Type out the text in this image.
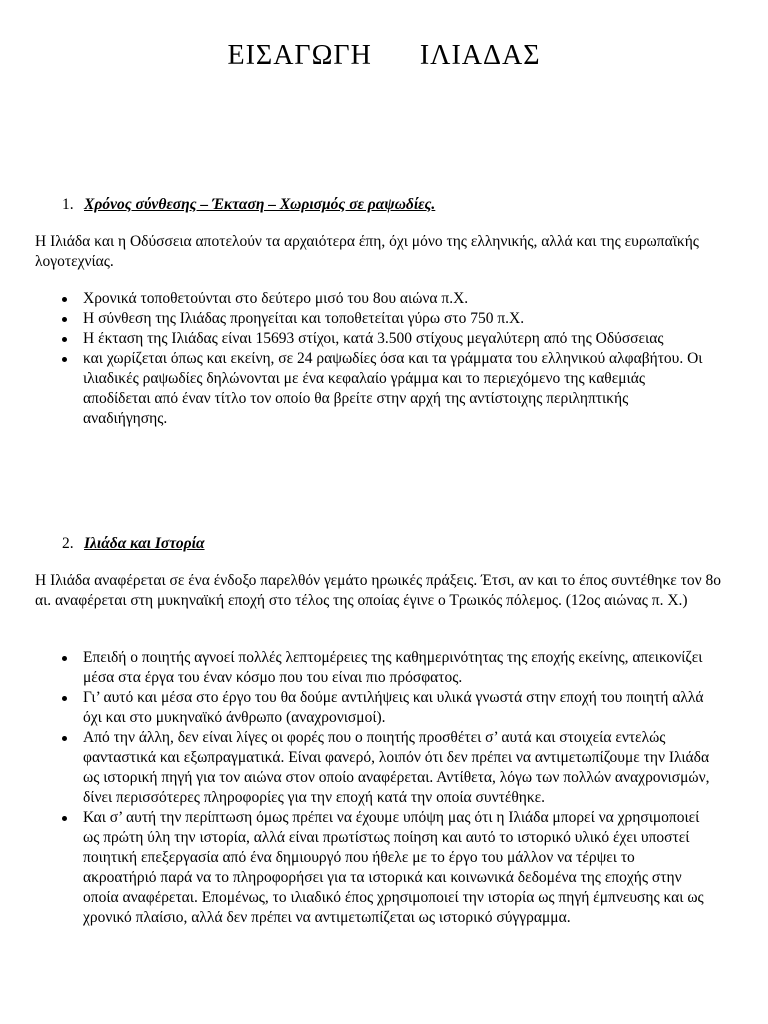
ΕΙΣΑΓΩΓΗ      ΙΛΙΑΔΑΣ
1. Χρόνος σύνθεσης – Έκταση – Χωρισμός σε ραψωδίες.

Η Ιλιάδα και η Οδύσσεια αποτελούν τα αρχαιότερα έπη, όχι μόνο της ελληνικής, αλλά και της ευρωπαϊκής λογοτεχνίας.

Χρονικά τοποθετούνται στο δεύτερο μισό του 8ου αιώνα π.Χ.
Η σύνθεση της Ιλιάδας προηγείται και τοποθετείται γύρω στο 750 π.Χ.
Η έκταση της Ιλιάδας είναι 15693 στίχοι, κατά 3.500 στίχους μεγαλύτερη από της Οδύσσειας
και χωρίζεται όπως και εκείνη, σε 24 ραψωδίες όσα και τα γράμματα του ελληνικού αλφαβήτου. Οι ιλιαδικές ραψωδίες δηλώνονται με ένα κεφαλαίο γράμμα και το περιεχόμενο της καθεμιάς αποδίδεται από έναν τίτλο τον οποίο θα βρείτε στην αρχή της αντίστοιχης περιληπτικής αναδιήγησης.
2. Ιλιάδα και Ιστορία

Η Ιλιάδα αναφέρεται σε ένα ένδοξο παρελθόν γεμάτο ηρωικές πράξεις. Έτσι, αν και το έπος συντέθηκε τον 8ο αι. αναφέρεται στη μυκηναϊκή εποχή στο τέλος της οποίας έγινε ο Τρωικός πόλεμος. (12ος αιώνας π. Χ.)

Επειδή ο ποιητής αγνοεί πολλές λεπτομέρειες της καθημερινότητας της εποχής εκείνης, απεικονίζει μέσα στα έργα του έναν κόσμο που του είναι πιο πρόσφατος.
Γι’ αυτό και μέσα στο έργο του θα δούμε αντιλήψεις και υλικά γνωστά στην εποχή του ποιητή αλλά όχι και στο μυκηναϊκό άνθρωπο (αναχρονισμοί).
Από την άλλη, δεν είναι λίγες οι φορές που ο ποιητής προσθέτει σ’ αυτά και στοιχεία εντελώς φανταστικά και εξωπραγματικά. Είναι φανερό, λοιπόν ότι δεν πρέπει να αντιμετωπίζουμε την Ιλιάδα ως ιστορική πηγή για τον αιώνα στον οποίο αναφέρεται. Αντίθετα, λόγω των πολλών αναχρονισμών, δίνει περισσότερες πληροφορίες για την εποχή κατά την οποία συντέθηκε.
Και σ’ αυτή την περίπτωση όμως πρέπει να έχουμε υπόψη μας ότι η Ιλιάδα μπορεί να χρησιμοποιεί ως πρώτη ύλη την ιστορία, αλλά είναι πρωτίστως ποίηση και αυτό το ιστορικό υλικό έχει υποστεί ποιητική επεξεργασία από ένα δημιουργό που ήθελε με το έργο του μάλλον να τέρψει το ακροατήριό παρά να το πληροφορήσει για τα ιστορικά και κοινωνικά δεδομένα της εποχής στην οποία αναφέρεται. Επομένως, το ιλιαδικό έπος χρησιμοποιεί την ιστορία ως πηγή έμπνευσης και ως χρονικό πλαίσιο, αλλά δεν πρέπει να αντιμετωπίζεται ως ιστορικό σύγγραμμα.
